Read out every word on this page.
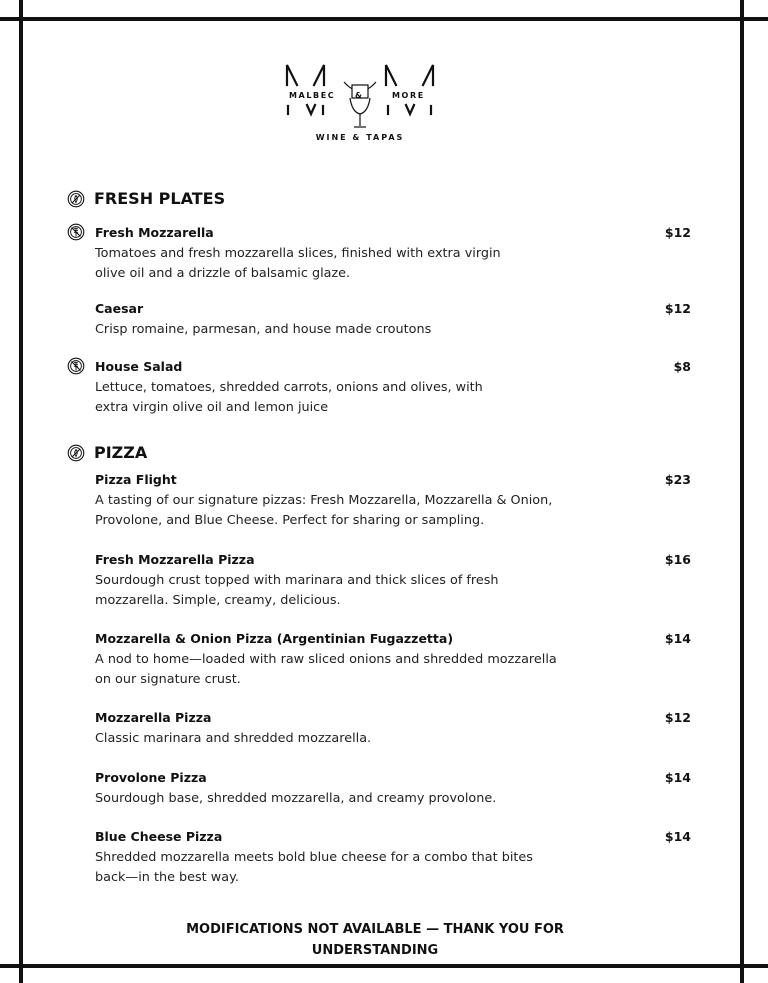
MALBEC &	MORE
WINE & TAPAS
FRESH PLATES
Fresh Mozzarella	$12
Tomatoes and fresh mozzarella slices, finished with extra virgin
olive oil and a drizzle of balsamic glaze.
Caesar	$12
Crisp romaine, parmesan, and house made croutons
House Salad	$8
Lettuce, tomatoes, shredded carrots, onions and olives, with
extra virgin olive oil and lemon juice
PIZZA
Pizza Flight	$23
A tasting of our signature pizzas: Fresh Mozzarella, Mozzarella & Onion,
Provolone, and Blue Cheese. Perfect for sharing or sampling.
Fresh Mozzarella Pizza	$16
Sourdough crust topped with marinara and thick slices of fresh
mozzarella. Simple, creamy, delicious.
Mozzarella & Onion Pizza (Argentinian Fugazzetta)	$14
A nod to home—loaded with raw sliced onions and shredded mozzarella
on our signature crust.
Mozzarella Pizza	$12
Classic marinara and shredded mozzarella.
Provolone Pizza	$14
Sourdough base, shredded mozzarella, and creamy provolone.
Blue Cheese Pizza	$14
Shredded mozzarella meets bold blue cheese for a combo that bites
back—in the best way.
MODIFICATIONS NOT AVAILABLE — THANK YOU FOR UNDERSTANDING
